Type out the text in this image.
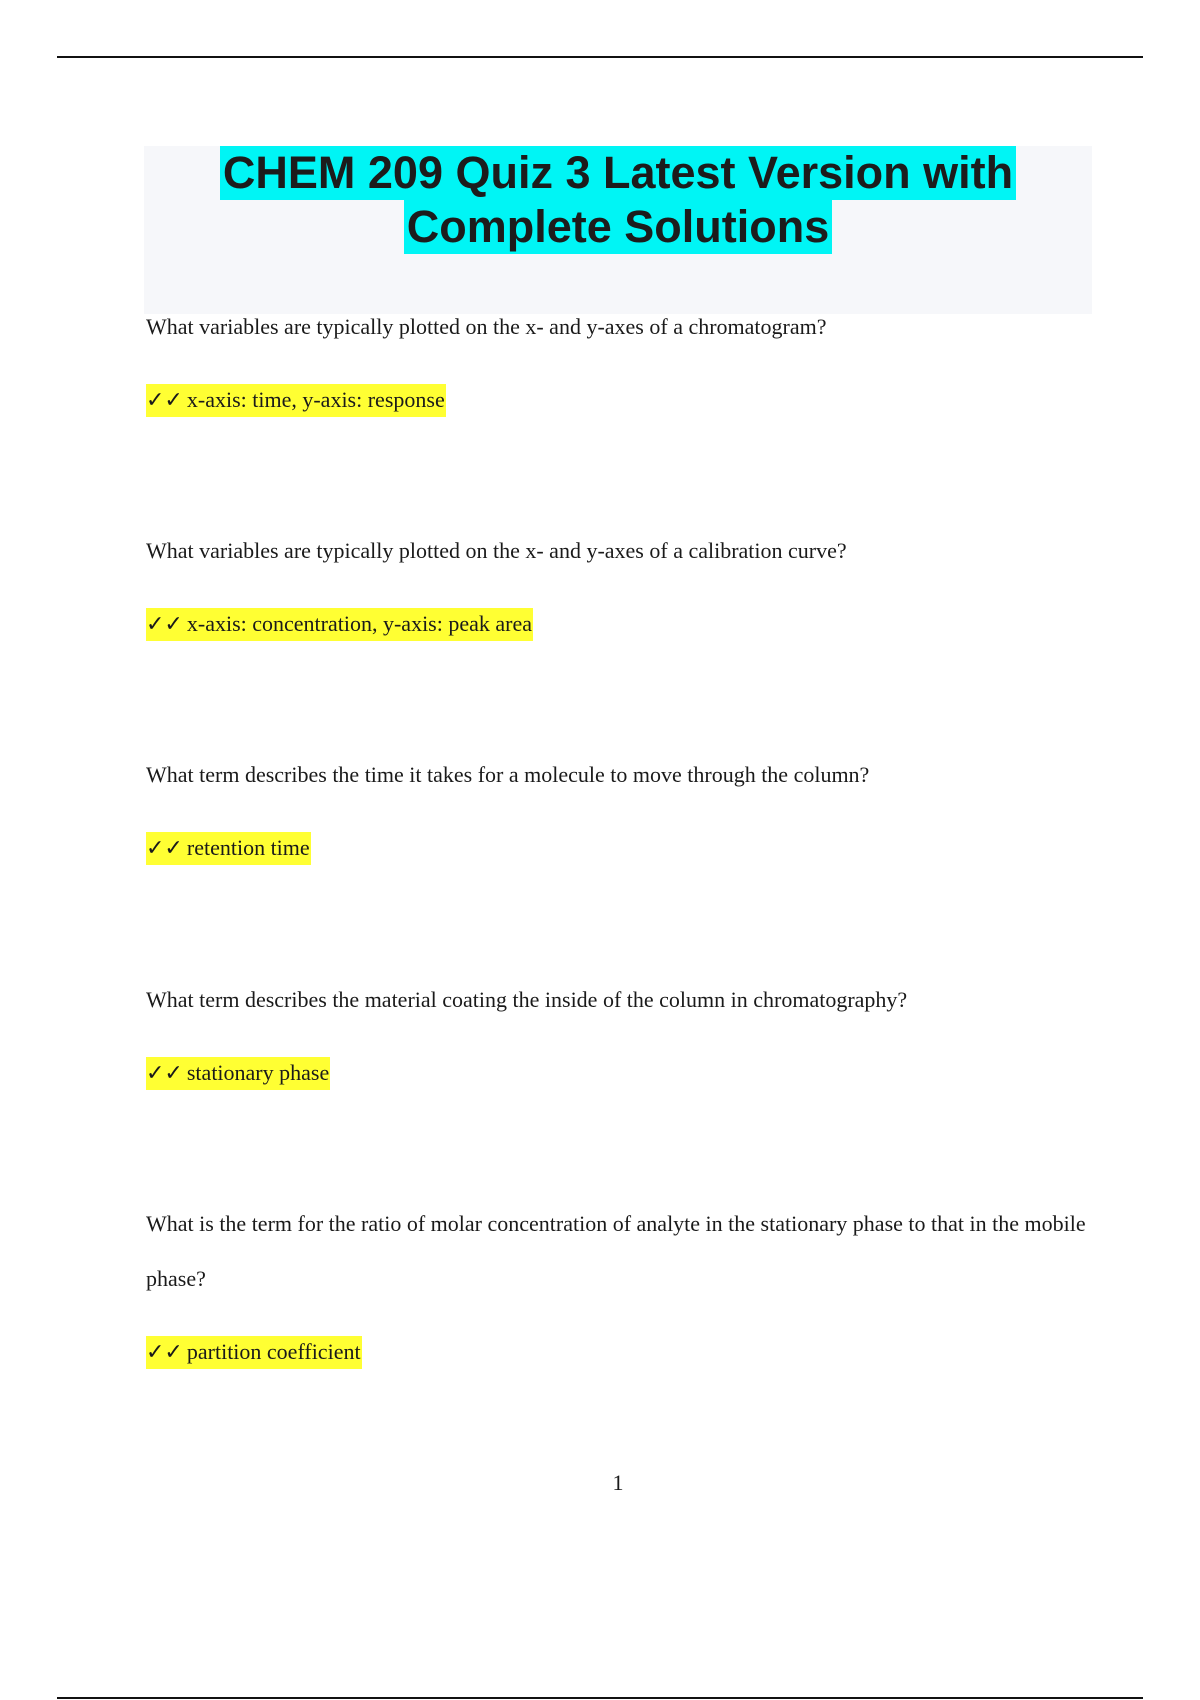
CHEM 209 Quiz 3 Latest Version with
Complete Solutions

What variables are typically plotted on the x- and y-axes of a chromatogram?

✓✓ x-axis: time, y-axis: response

What variables are typically plotted on the x- and y-axes of a calibration curve?

✓✓ x-axis: concentration, y-axis: peak area

What term describes the time it takes for a molecule to move through the column?

✓✓ retention time

What term describes the material coating the inside of the column in chromatography?

✓✓ stationary phase

What is the term for the ratio of molar concentration of analyte in the stationary phase to that in the mobile phase?

✓✓ partition coefficient
1
